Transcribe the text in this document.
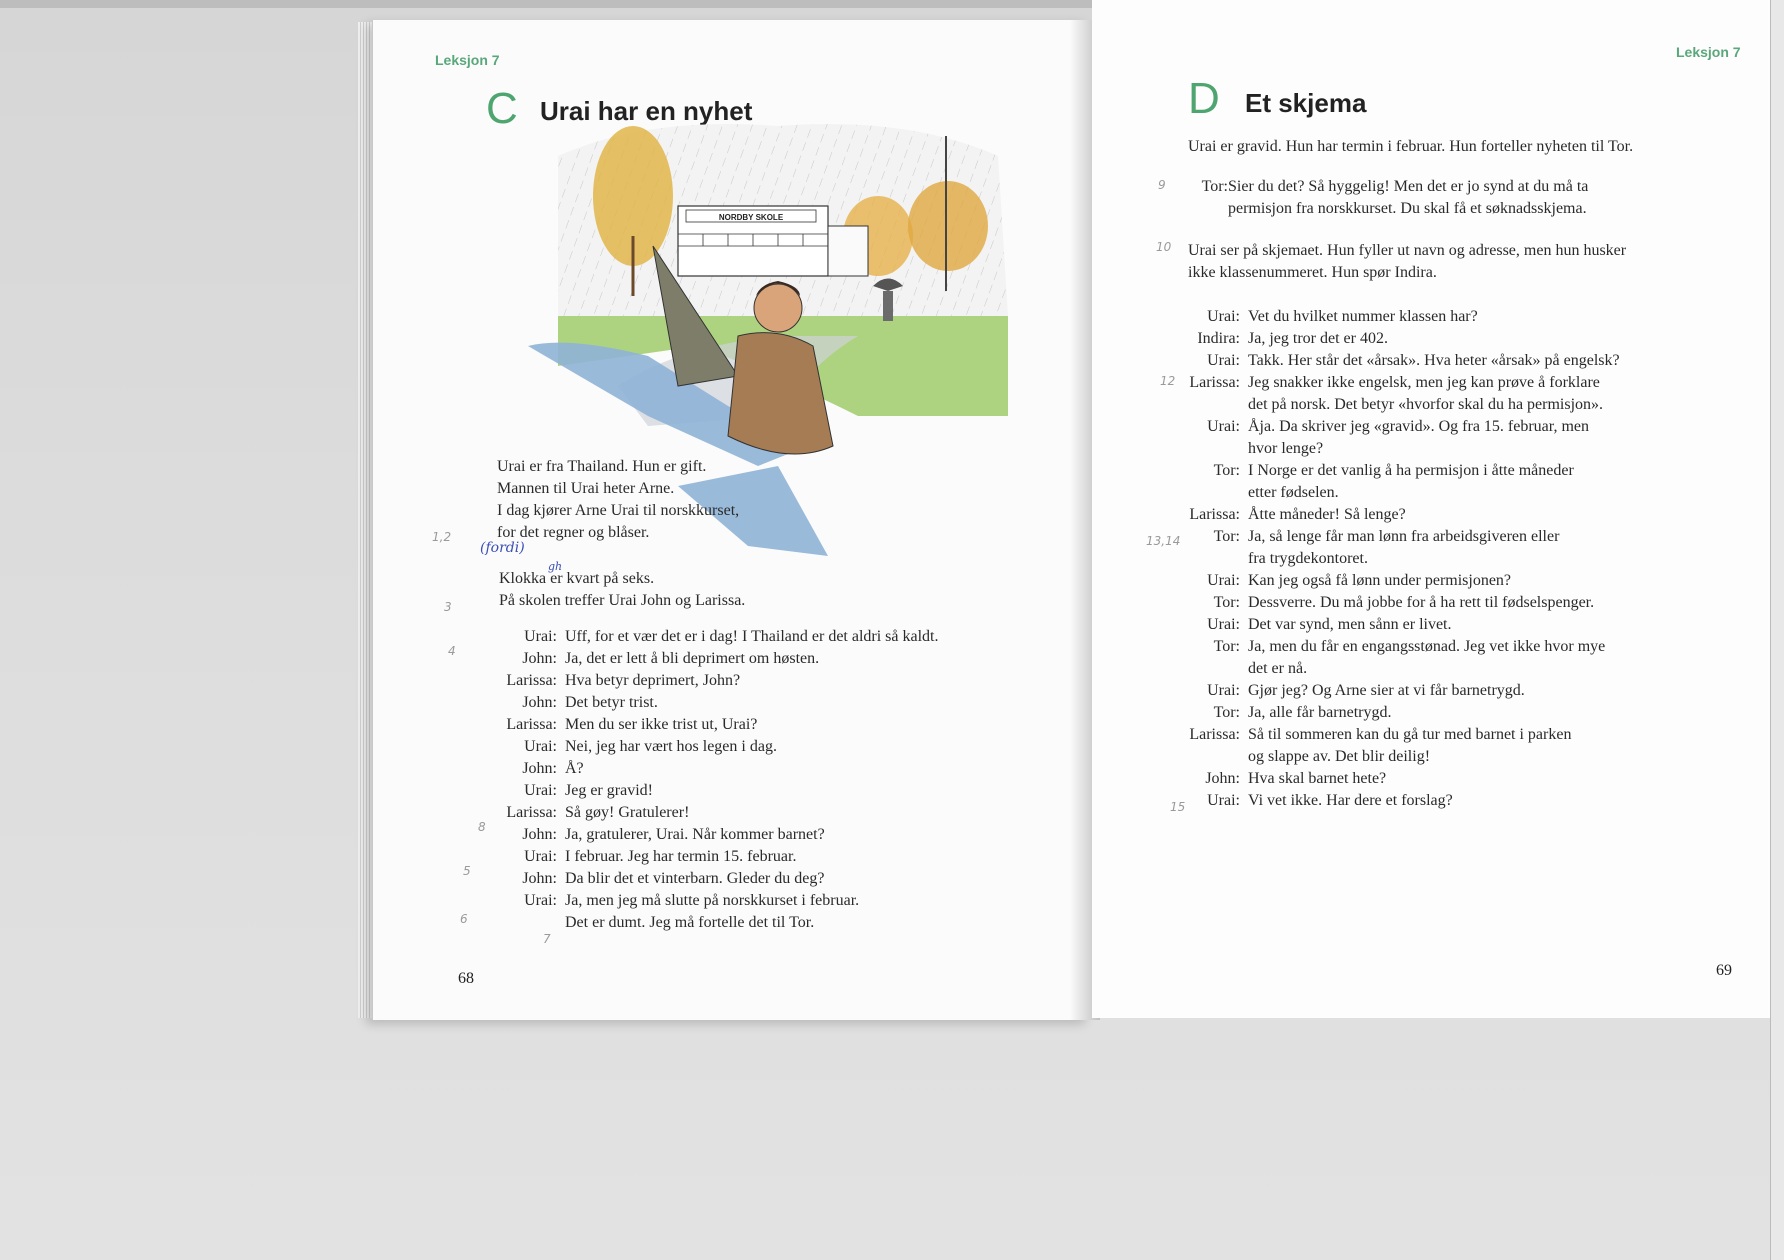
Leksjon 7
C Urai har en nyhet
NORDBY SKOLE
Urai er fra Thailand. Hun er gift.
Mannen til Urai heter Arne.
I dag kjører Arne Urai til norskkurset,
for det regner og blåser.
Klokka er kvart på seks.
På skolen treffer Urai John og Larissa.
(fordi)
gh
Urai: Uff, for et vær det er i dag! I Thailand er det aldri så kaldt.
John: Ja, det er lett å bli deprimert om høsten.
Larissa: Hva betyr deprimert, John?
John: Det betyr trist.
Larissa: Men du ser ikke trist ut, Urai?
Urai: Nei, jeg har vært hos legen i dag.
John: Å?
Urai: Jeg er gravid!
Larissa: Så gøy! Gratulerer!
John: Ja, gratulerer, Urai. Når kommer barnet?
Urai: I februar. Jeg har termin 15. februar.
John: Da blir det et vinterbarn. Gleder du deg?
Urai: Ja, men jeg må slutte på norskkurset i februar.
Det er dumt. Jeg må fortelle det til Tor.
1,2
3
4
8
5
6
7
68
Leksjon 7
D Et skjema
Urai er gravid. Hun har termin i februar. Hun forteller nyheten til Tor.
Tor: Sier du det? Så hyggelig! Men det er jo synd at du må ta
permisjon fra norskkurset. Du skal få et søknadsskjema.
Urai ser på skjemaet. Hun fyller ut navn og adresse, men hun husker
ikke klassenummeret. Hun spør Indira.
Urai: Vet du hvilket nummer klassen har?
Indira: Ja, jeg tror det er 402.
Urai: Takk. Her står det «årsak». Hva heter «årsak» på engelsk?
Larissa: Jeg snakker ikke engelsk, men jeg kan prøve å forklare
det på norsk. Det betyr «hvorfor skal du ha permisjon».
Urai: Åja. Da skriver jeg «gravid». Og fra 15. februar, men
hvor lenge?
Tor: I Norge er det vanlig å ha permisjon i åtte måneder
etter fødselen.
Larissa: Åtte måneder! Så lenge?
Tor: Ja, så lenge får man lønn fra arbeidsgiveren eller
fra trygdekontoret.
Urai: Kan jeg også få lønn under permisjonen?
Tor: Dessverre. Du må jobbe for å ha rett til fødselspenger.
Urai: Det var synd, men sånn er livet.
Tor: Ja, men du får en engangsstønad. Jeg vet ikke hvor mye
det er nå.
Urai: Gjør jeg? Og Arne sier at vi får barnetrygd.
Tor: Ja, alle får barnetrygd.
Larissa: Så til sommeren kan du gå tur med barnet i parken
og slappe av. Det blir deilig!
John: Hva skal barnet hete?
Urai: Vi vet ikke. Har dere et forslag?
9
10
12
13,14
15
69
